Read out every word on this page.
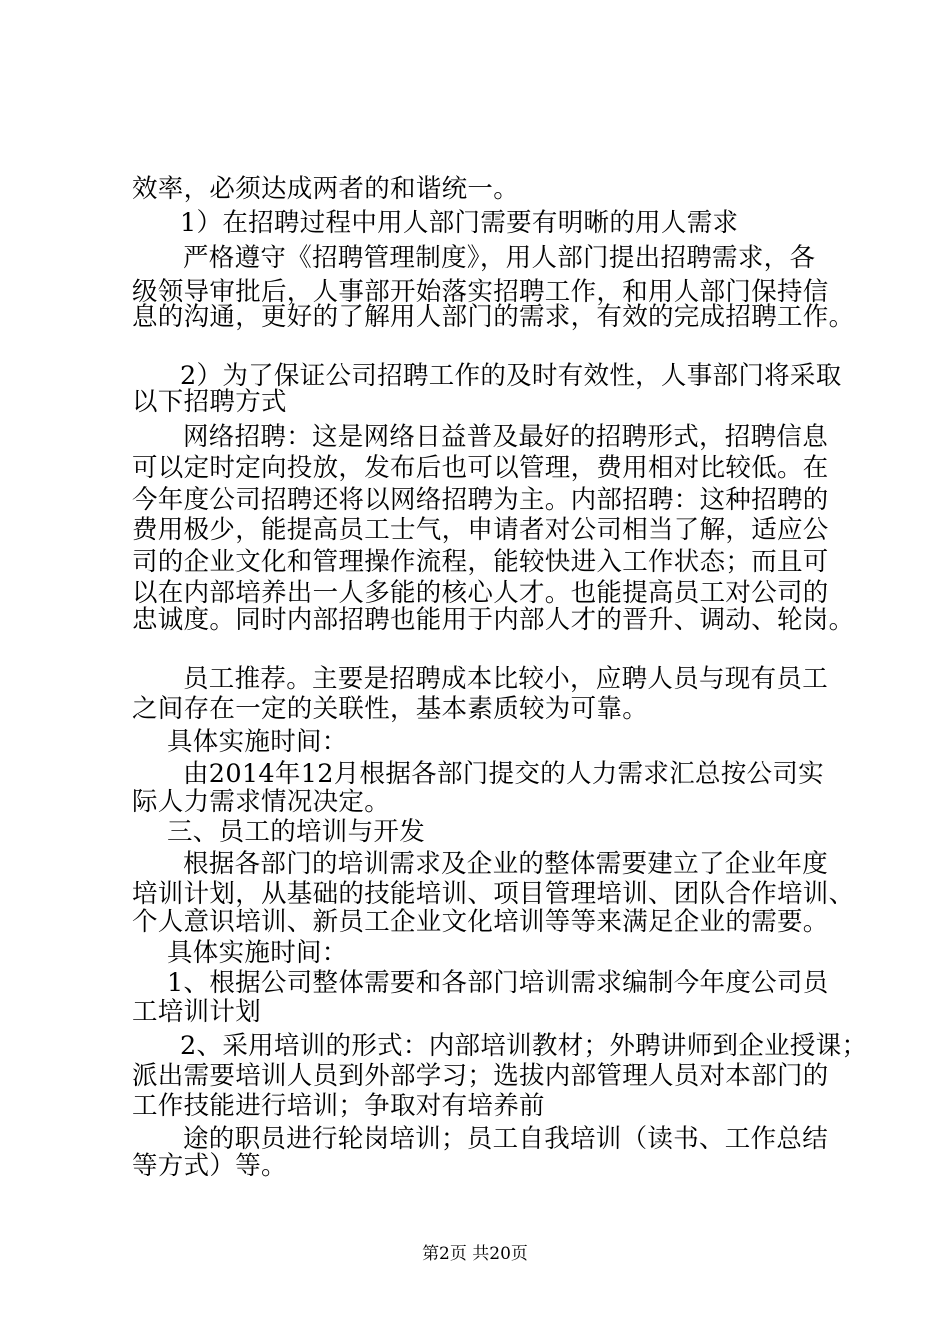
效率，必须达成两者的和谐统一。

1）在招聘过程中用人部门需要有明晰的用人需求

严格遵守《招聘管理制度》，用人部门提出招聘需求，各

级领导审批后，人事部开始落实招聘工作，和用人部门保持信

息的沟通，更好的了解用人部门的需求，有效的完成招聘工作。

2）为了保证公司招聘工作的及时有效性，人事部门将采取

以下招聘方式

网络招聘：这是网络日益普及最好的招聘形式，招聘信息

可以定时定向投放，发布后也可以管理，费用相对比较低。在

今年度公司招聘还将以网络招聘为主。内部招聘：这种招聘的

费用极少，能提高员工士气，申请者对公司相当了解，适应公

司的企业文化和管理操作流程，能较快进入工作状态；而且可

以在内部培养出一人多能的核心人才。也能提高员工对公司的

忠诚度。同时内部招聘也能用于内部人才的晋升、调动、轮岗。

员工推荐。主要是招聘成本比较小，应聘人员与现有员工

之间存在一定的关联性，基本素质较为可靠。

具体实施时间：

由2014年12月根据各部门提交的人力需求汇总按公司实

际人力需求情况决定。

三、员工的培训与开发

根据各部门的培训需求及企业的整体需要建立了企业年度

培训计划，从基础的技能培训、项目管理培训、团队合作培训、

个人意识培训、新员工企业文化培训等等来满足企业的需要。

具体实施时间：

1、根据公司整体需要和各部门培训需求编制今年度公司员

工培训计划

2、采用培训的形式：内部培训教材；外聘讲师到企业授课；

派出需要培训人员到外部学习；选拔内部管理人员对本部门的

工作技能进行培训；争取对有培养前

途的职员进行轮岗培训；员工自我培训（读书、工作总结

等方式）等。

第2页 共20页
